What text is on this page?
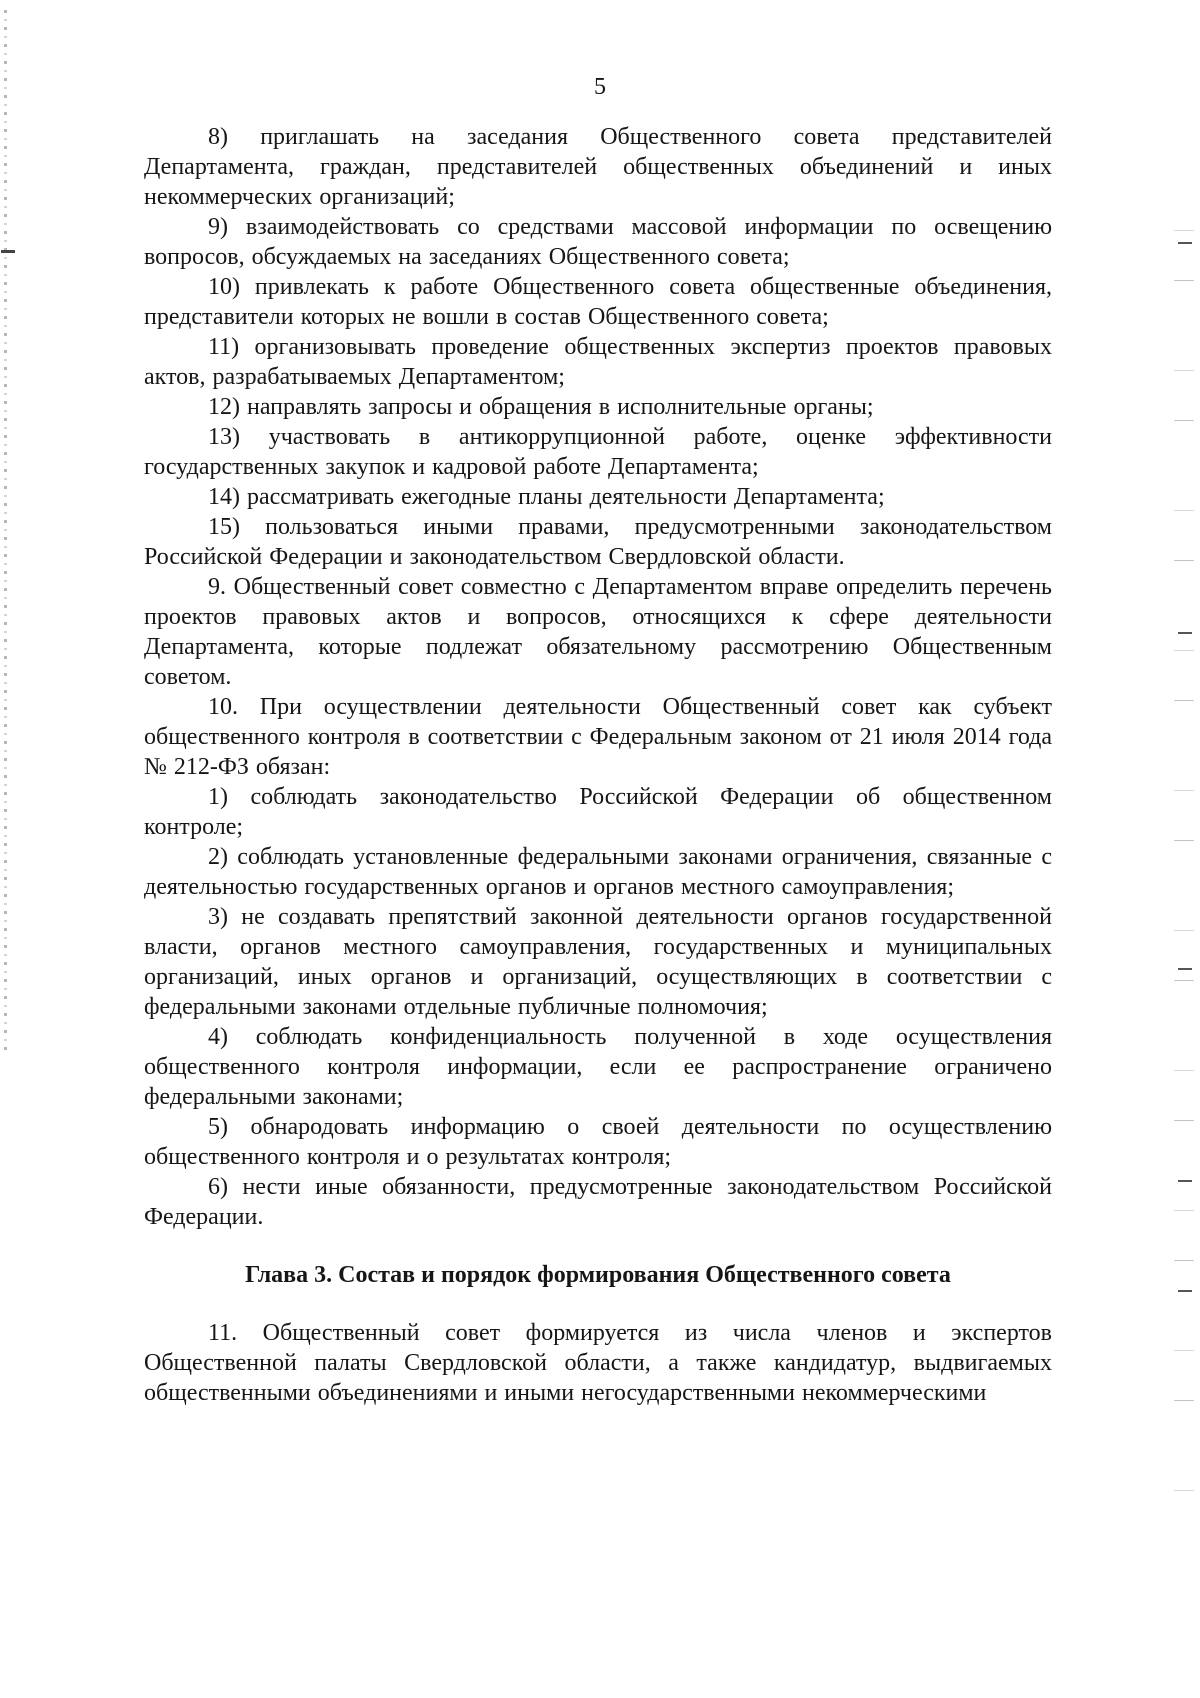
5

8) приглашать на заседания Общественного совета представителей Департамента, граждан, представителей общественных объединений и иных некоммерческих организаций;

9) взаимодействовать со средствами массовой информации по освещению вопросов, обсуждаемых на заседаниях Общественного совета;

10) привлекать к работе Общественного совета общественные объединения, представители которых не вошли в состав Общественного совета;

11) организовывать проведение общественных экспертиз проектов правовых актов, разрабатываемых Департаментом;

12) направлять запросы и обращения в исполнительные органы;

13) участвовать в антикоррупционной работе, оценке эффективности государственных закупок и кадровой работе Департамента;

14) рассматривать ежегодные планы деятельности Департамента;

15) пользоваться иными правами, предусмотренными законодательством Российской Федерации и законодательством Свердловской области.

9. Общественный совет совместно с Департаментом вправе определить перечень проектов правовых актов и вопросов, относящихся к сфере деятельности Департамента, которые подлежат обязательному рассмотрению Общественным советом.

10. При осуществлении деятельности Общественный совет как субъект общественного контроля в соответствии с Федеральным законом от 21 июля 2014 года № 212-ФЗ обязан:

1) соблюдать законодательство Российской Федерации об общественном контроле;

2) соблюдать установленные федеральными законами ограничения, связанные с деятельностью государственных органов и органов местного самоуправления;

3) не создавать препятствий законной деятельности органов государственной власти, органов местного самоуправления, государственных и муниципальных организаций, иных органов и организаций, осуществляющих в соответствии с федеральными законами отдельные публичные полномочия;

4) соблюдать конфиденциальность полученной в ходе осуществления общественного контроля информации, если ее распространение ограничено федеральными законами;

5) обнародовать информацию о своей деятельности по осуществлению общественного контроля и о результатах контроля;

6) нести иные обязанности, предусмотренные законодательством Российской Федерации.

Глава 3. Состав и порядок формирования Общественного совета

11. Общественный совет формируется из числа членов и экспертов Общественной палаты Свердловской области, а также кандидатур, выдвигаемых общественными объединениями и иными негосударственными некоммерческими
